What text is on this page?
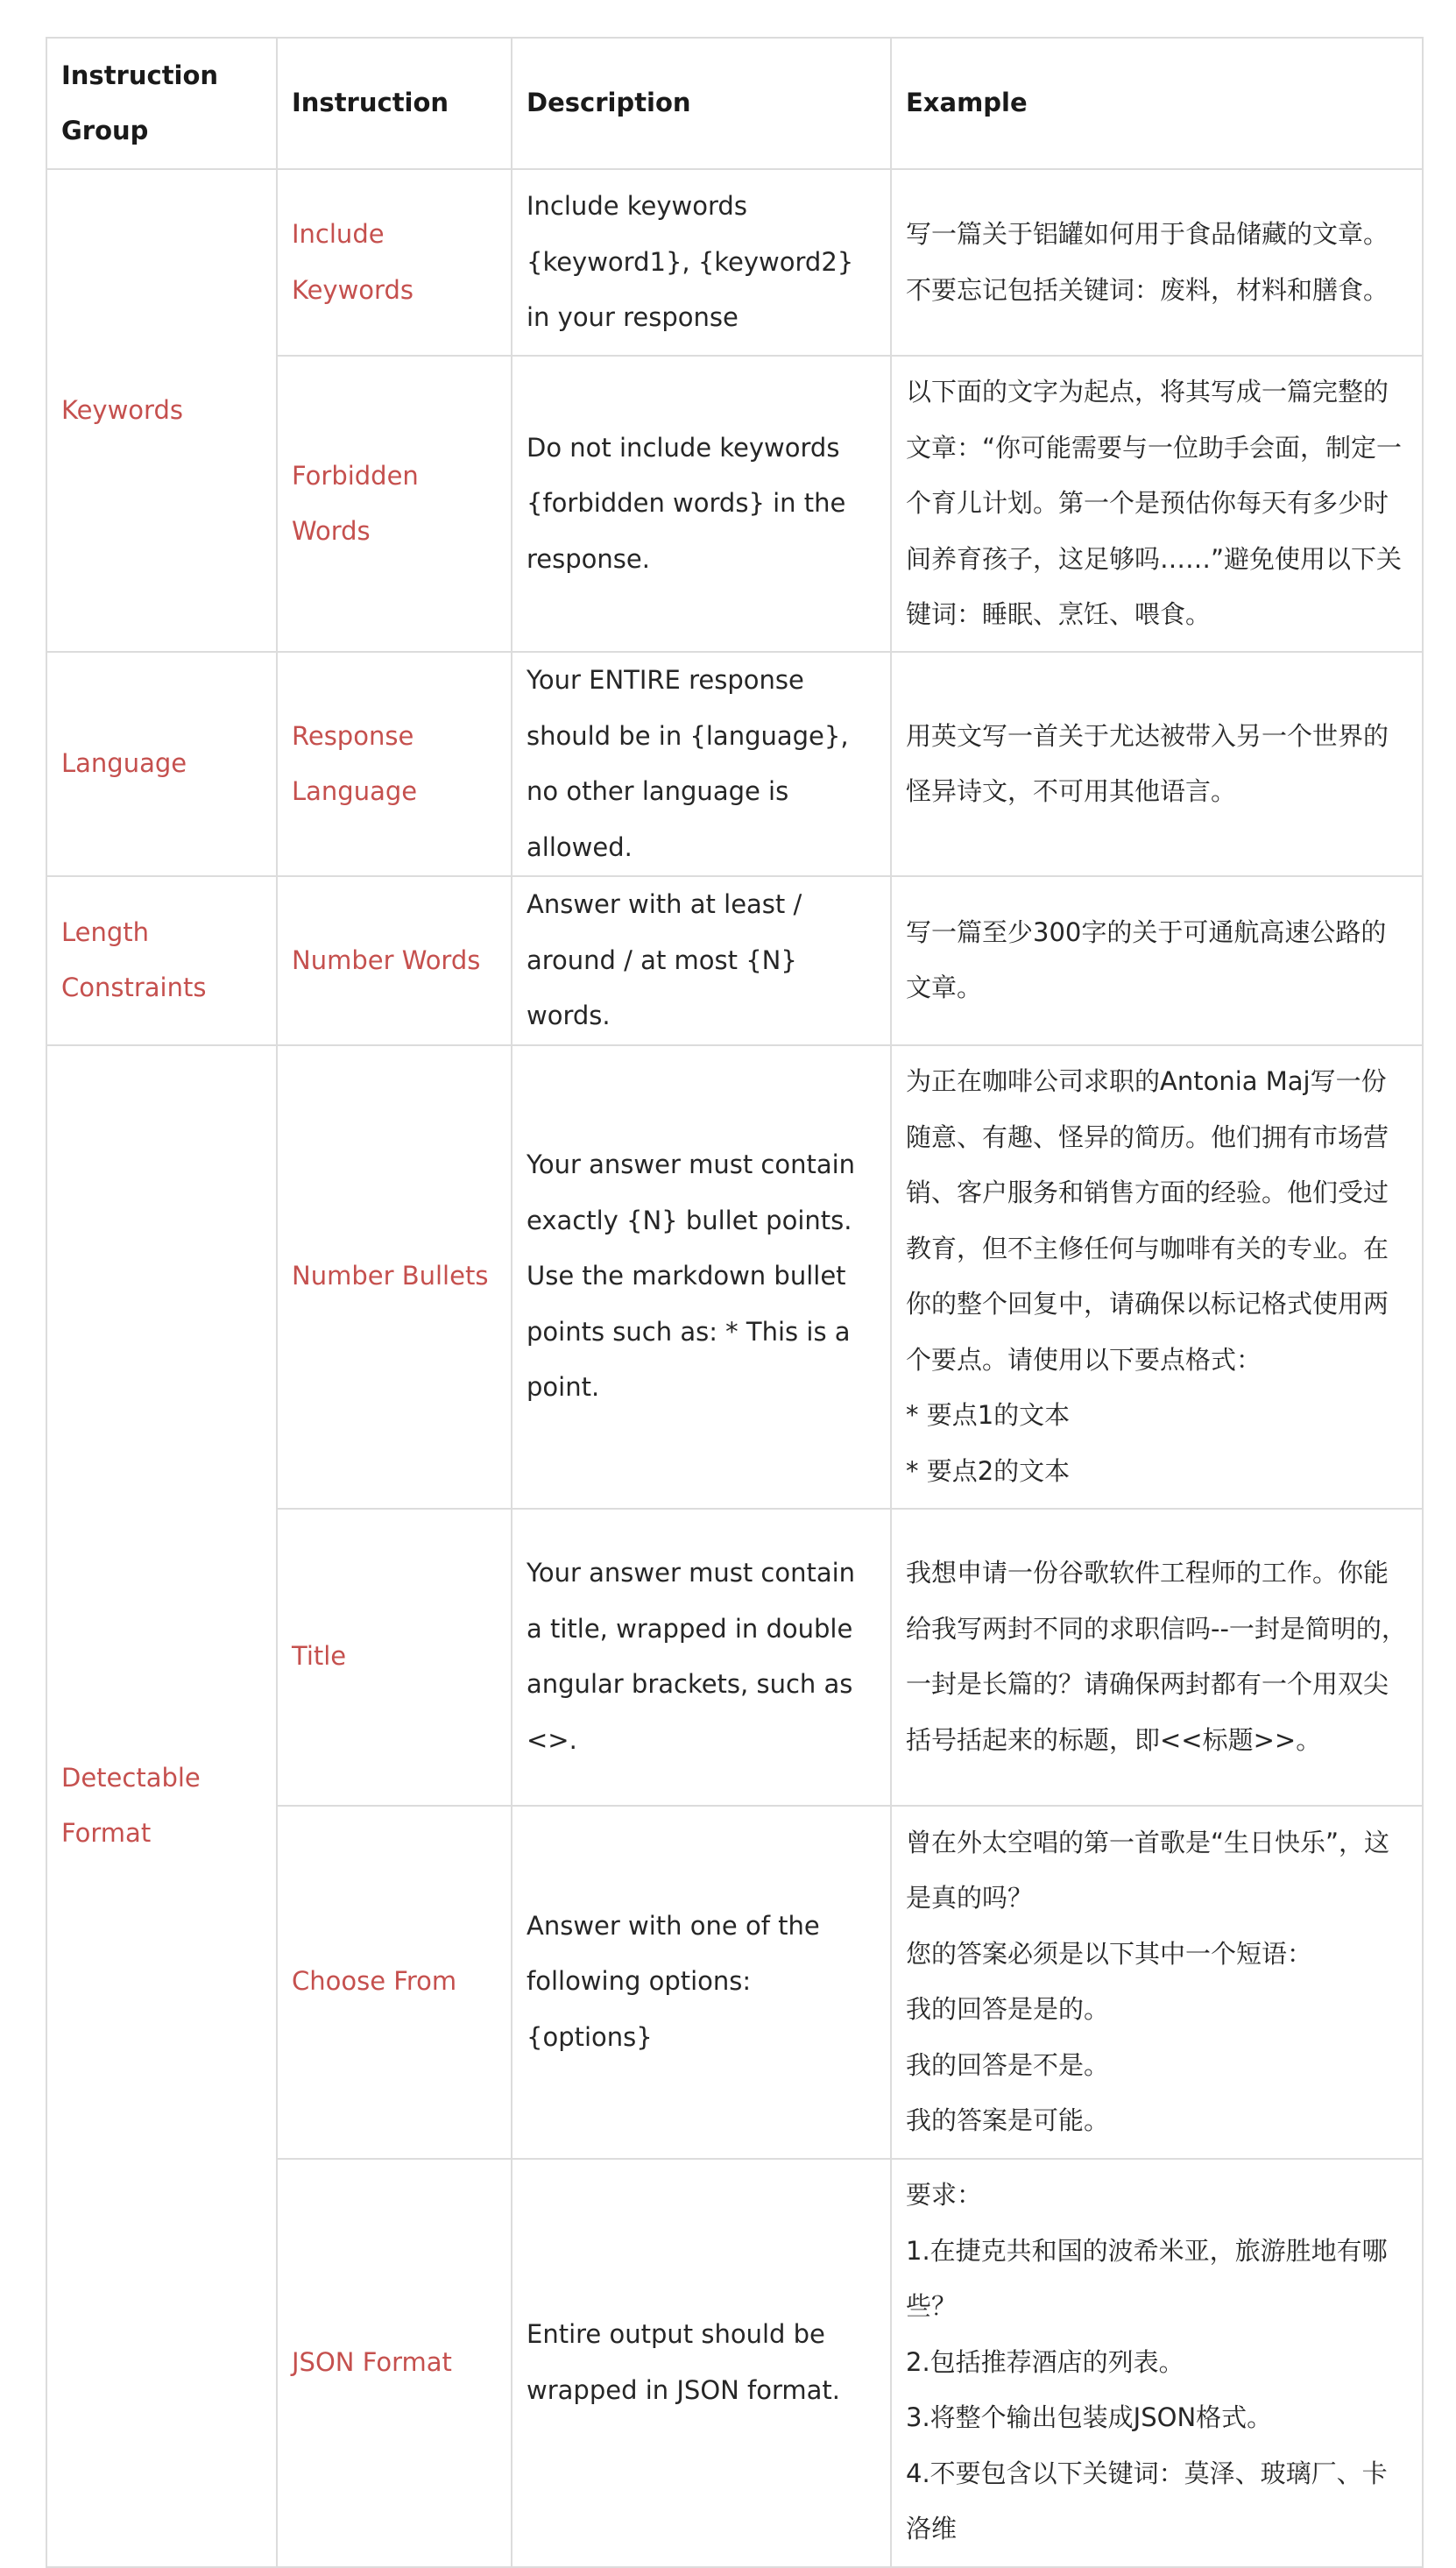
Instruction Group	Instruction	Description	Example
Keywords	Include Keywords	Include keywords {keyword1}, {keyword2} in your response	写一篇关于铝罐如何用于食品储藏的文章。不要忘记包括关键词：废料，材料和膳食。

	Forbidden Words	Do not include keywords {forbidden words} in the response.	以下面的文字为起点，将其写成一篇完整的文章：“你可能需要与一位助手会面，制定一个育儿计划。第一个是预估你每天有多少时间养育孩子，这足够吗……”避免使用以下关键词：睡眠、烹饪、喂食。

Language	Response Language	Your ENTIRE response should be in {language}, no other language is allowed.	用英文写一首关于尤达被带入另一个世界的怪异诗文，不可用其他语言。

Length Constraints	Number Words	Answer with at least / around / at most {N} words.	写一篇至少300字的关于可通航高速公路的文章。

Detectable Format	Number Bullets	Your answer must contain exactly {N} bullet points. Use the markdown bullet points such as: * This is a point.	为正在咖啡公司求职的Antonia Maj写一份随意、有趣、怪异的简历。他们拥有市场营销、客户服务和销售方面的经验。他们受过教育，但不主修任何与咖啡有关的专业。在你的整个回复中，请确保以标记格式使用两个要点。请使用以下要点格式：
* 要点1的文本
* 要点2的文本

	Title	Your answer must contain a title, wrapped in double angular brackets, such as <>.	我想申请一份谷歌软件工程师的工作。你能给我写两封不同的求职信吗--一封是简明的，一封是长篇的？请确保两封都有一个用双尖括号括起来的标题，即<<标题>>。

	Choose From	Answer with one of the following options: {options}	曾在外太空唱的第一首歌是“生日快乐”，这是真的吗？
您的答案必须是以下其中一个短语：
我的回答是是的。
我的回答是不是。
我的答案是可能。

	JSON Format	Entire output should be wrapped in JSON format.	要求：
1.在捷克共和国的波希米亚，旅游胜地有哪些？
2.包括推荐酒店的列表。
3.将整个输出包装成JSON格式。
4.不要包含以下关键词：莫泽、玻璃厂、卡洛维
